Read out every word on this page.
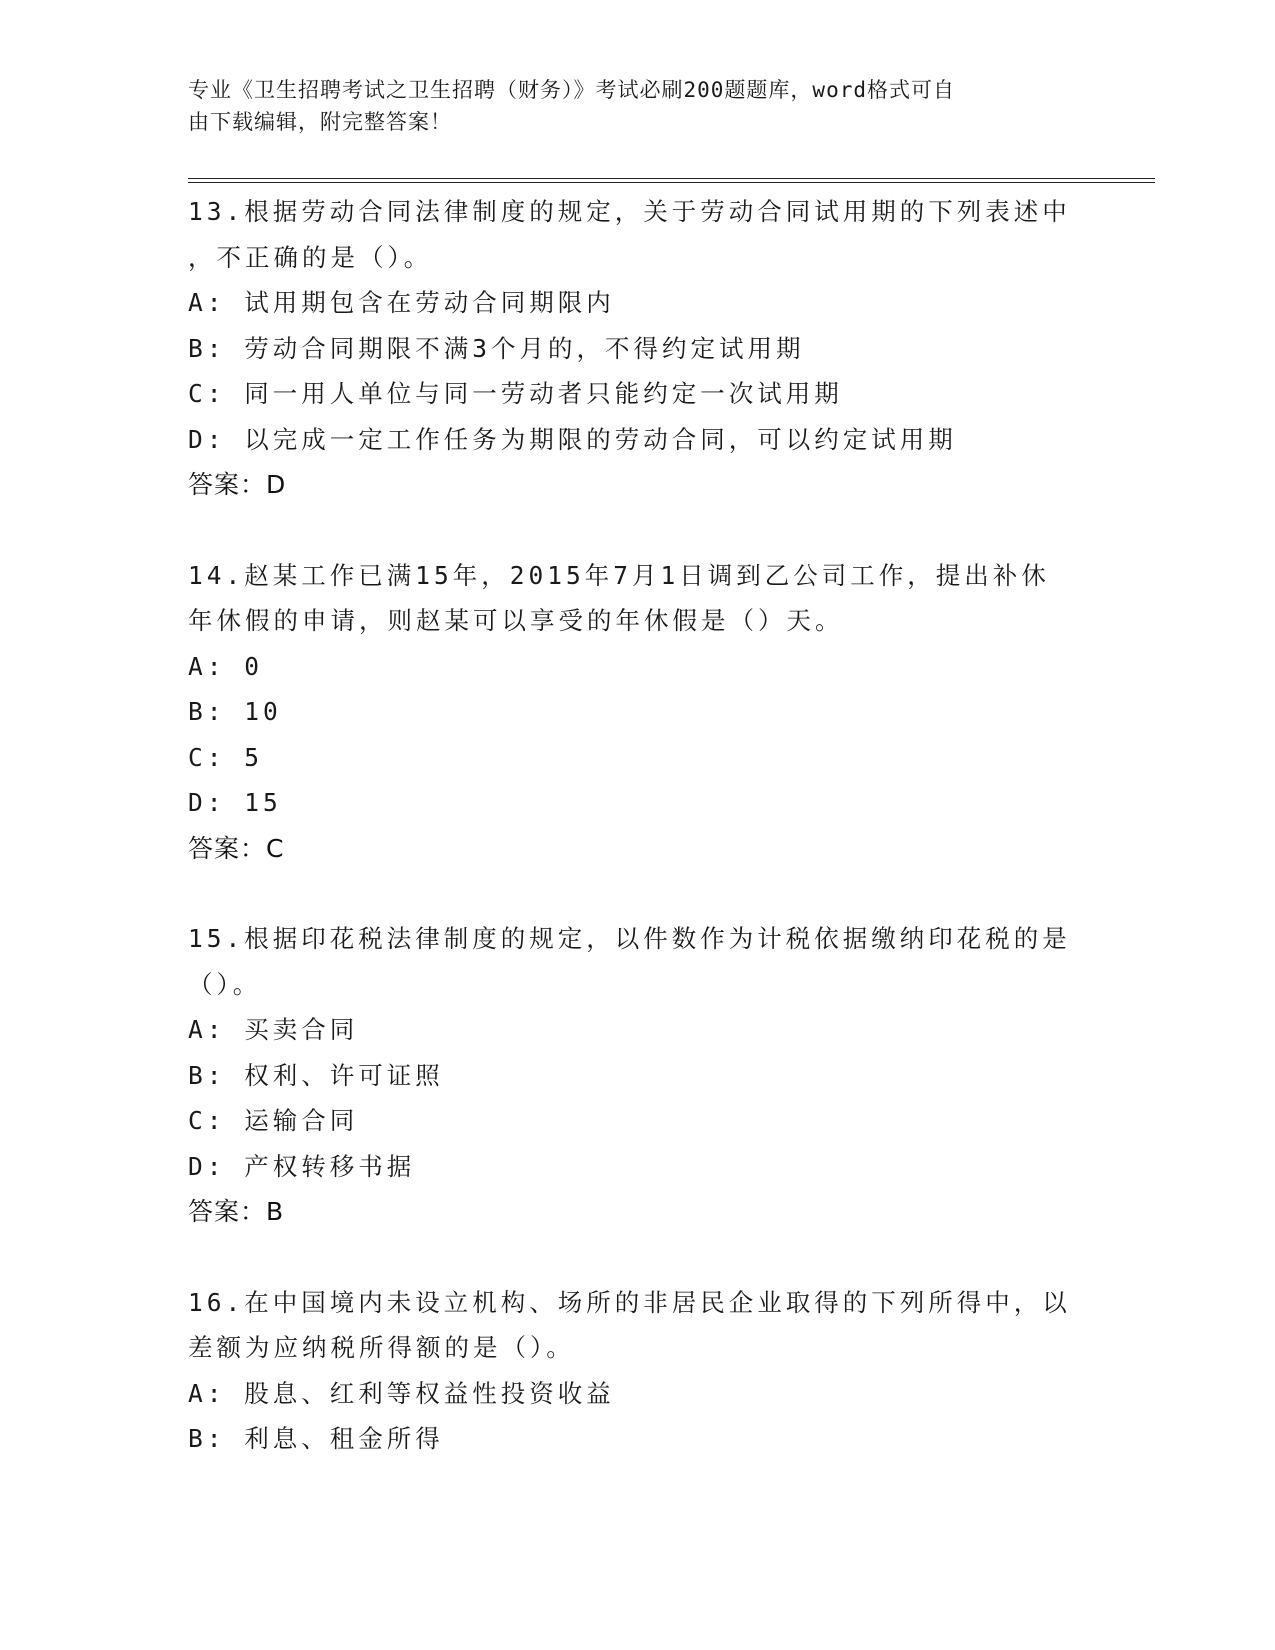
专业《卫生招聘考试之卫生招聘（财务）》考试必刷200题题库，word格式可自
由下载编辑，附完整答案！

13.根据劳动合同法律制度的规定，关于劳动合同试用期的下列表述中

，不正确的是（）。

A: 试用期包含在劳动合同期限内

B: 劳动合同期限不满3个月的，不得约定试用期

C: 同一用人单位与同一劳动者只能约定一次试用期

D: 以完成一定工作任务为期限的劳动合同，可以约定试用期

答案：D

14.赵某工作已满15年，2015年7月1日调到乙公司工作，提出补休

年休假的申请，则赵某可以享受的年休假是（）天。

A: 0

B: 10

C: 5

D: 15

答案：C

15.根据印花税法律制度的规定，以件数作为计税依据缴纳印花税的是

（）。

A: 买卖合同

B: 权利、许可证照

C: 运输合同

D: 产权转移书据

答案：B

16.在中国境内未设立机构、场所的非居民企业取得的下列所得中，以

差额为应纳税所得额的是（）。

A: 股息、红利等权益性投资收益

B: 利息、租金所得
